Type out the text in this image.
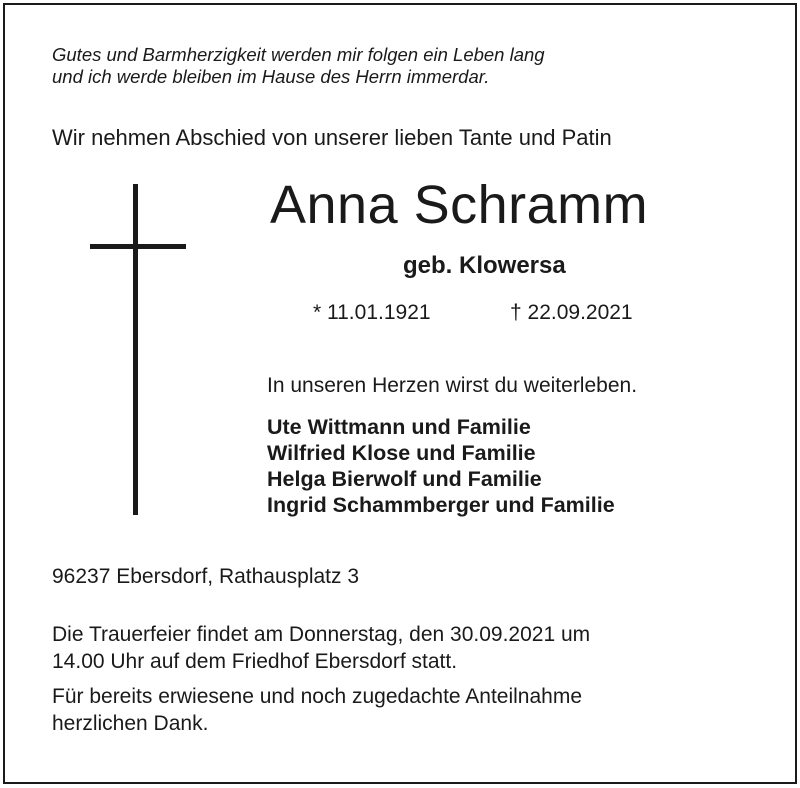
Gutes und Barmherzigkeit werden mir folgen ein Leben lang
und ich werde bleiben im Hause des Herrn immerdar.
Wir nehmen Abschied von unserer lieben Tante und Patin
Anna Schramm
geb. Klowersa
* 11.01.1921	† 22.09.2021
In unseren Herzen wirst du weiterleben.
Ute Wittmann und Familie
Wilfried Klose und Familie
Helga Bierwolf und Familie
Ingrid Schammberger und Familie
96237 Ebersdorf, Rathausplatz 3
Die Trauerfeier findet am Donnerstag, den 30.09.2021 um
14.00 Uhr auf dem Friedhof Ebersdorf statt.
Für bereits erwiesene und noch zugedachte Anteilnahme
herzlichen Dank.
